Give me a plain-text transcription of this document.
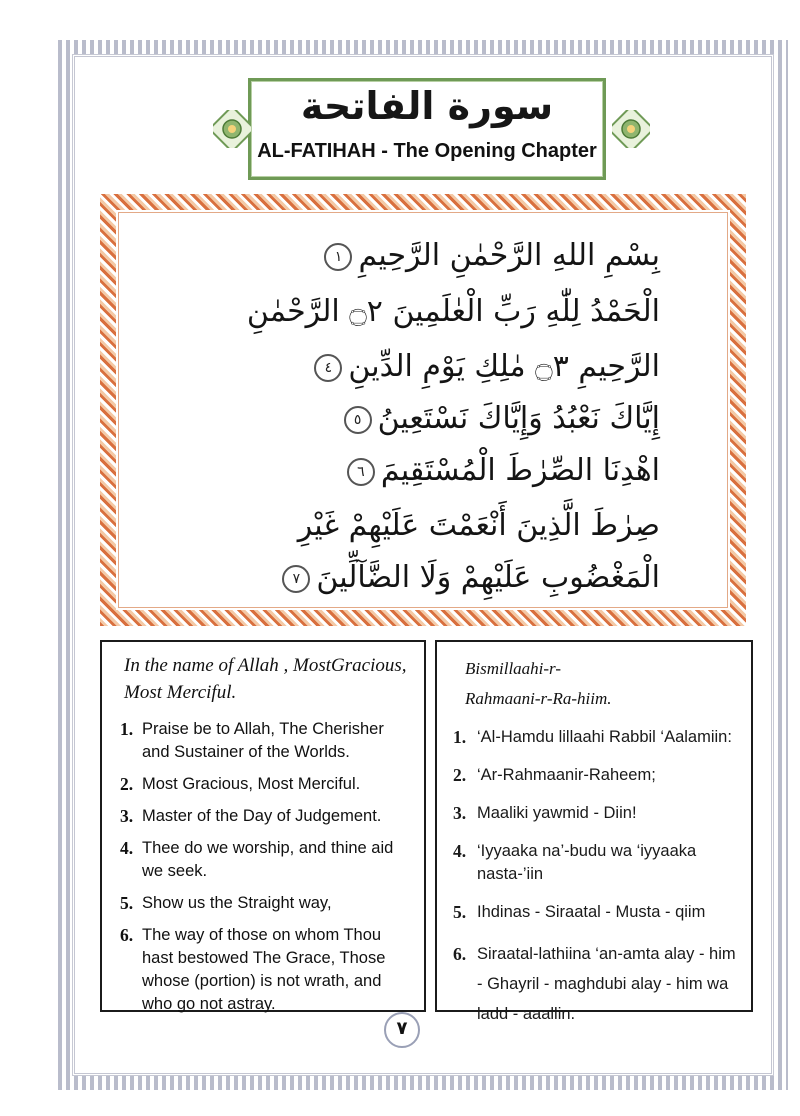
سورة الفاتحة
AL-FATIHAH - The Opening Chapter
بِسْمِ اللهِ الرَّحْمٰنِ الرَّحِيمِ١
الْحَمْدُ لِلّٰهِ رَبِّ الْعٰلَمِينَ ۝٢ الرَّحْمٰنِ
الرَّحِيمِ ۝٣ مٰلِكِ يَوْمِ الدِّينِ٤
إِيَّاكَ نَعْبُدُ وَإِيَّاكَ نَسْتَعِينُ٥
اهْدِنَا الصِّرٰطَ الْمُسْتَقِيمَ٦
صِرٰطَ الَّذِينَ أَنْعَمْتَ عَلَيْهِمْ غَيْرِ
الْمَغْضُوبِ عَلَيْهِمْ وَلَا الضَّآلِّينَ٧
In the name of Allah , MostGracious, Most Merciful.
1. Praise be to Allah, The Cherisher and Sustainer of the Worlds.
2. Most Gracious, Most Merciful.
3. Master of the Day of Judgement.
4. Thee do we worship, and thine aid we seek.
5. Show us the Straight way,
6. The way of those on whom Thou hast bestowed The Grace, Those whose (portion) is not wrath, and who go not astray.
Bismillaahi-r-Rahmaani-r-Ra-hiim.
1. ‘Al-Hamdu lillaahi Rabbil ‘Aalamiin:
2. ‘Ar-Rahmaanir-Raheem;
3. Maaliki yawmid - Diin!
4. ‘Iyyaaka na’-budu wa ‘iyyaaka nasta-’iin
5. Ihdinas - Siraatal - Musta - qiim
6. Siraatal-lathiina ‘an-amta alay - him - Ghayril - maghdubi alay - him wa ladd - aaallin.
٧
